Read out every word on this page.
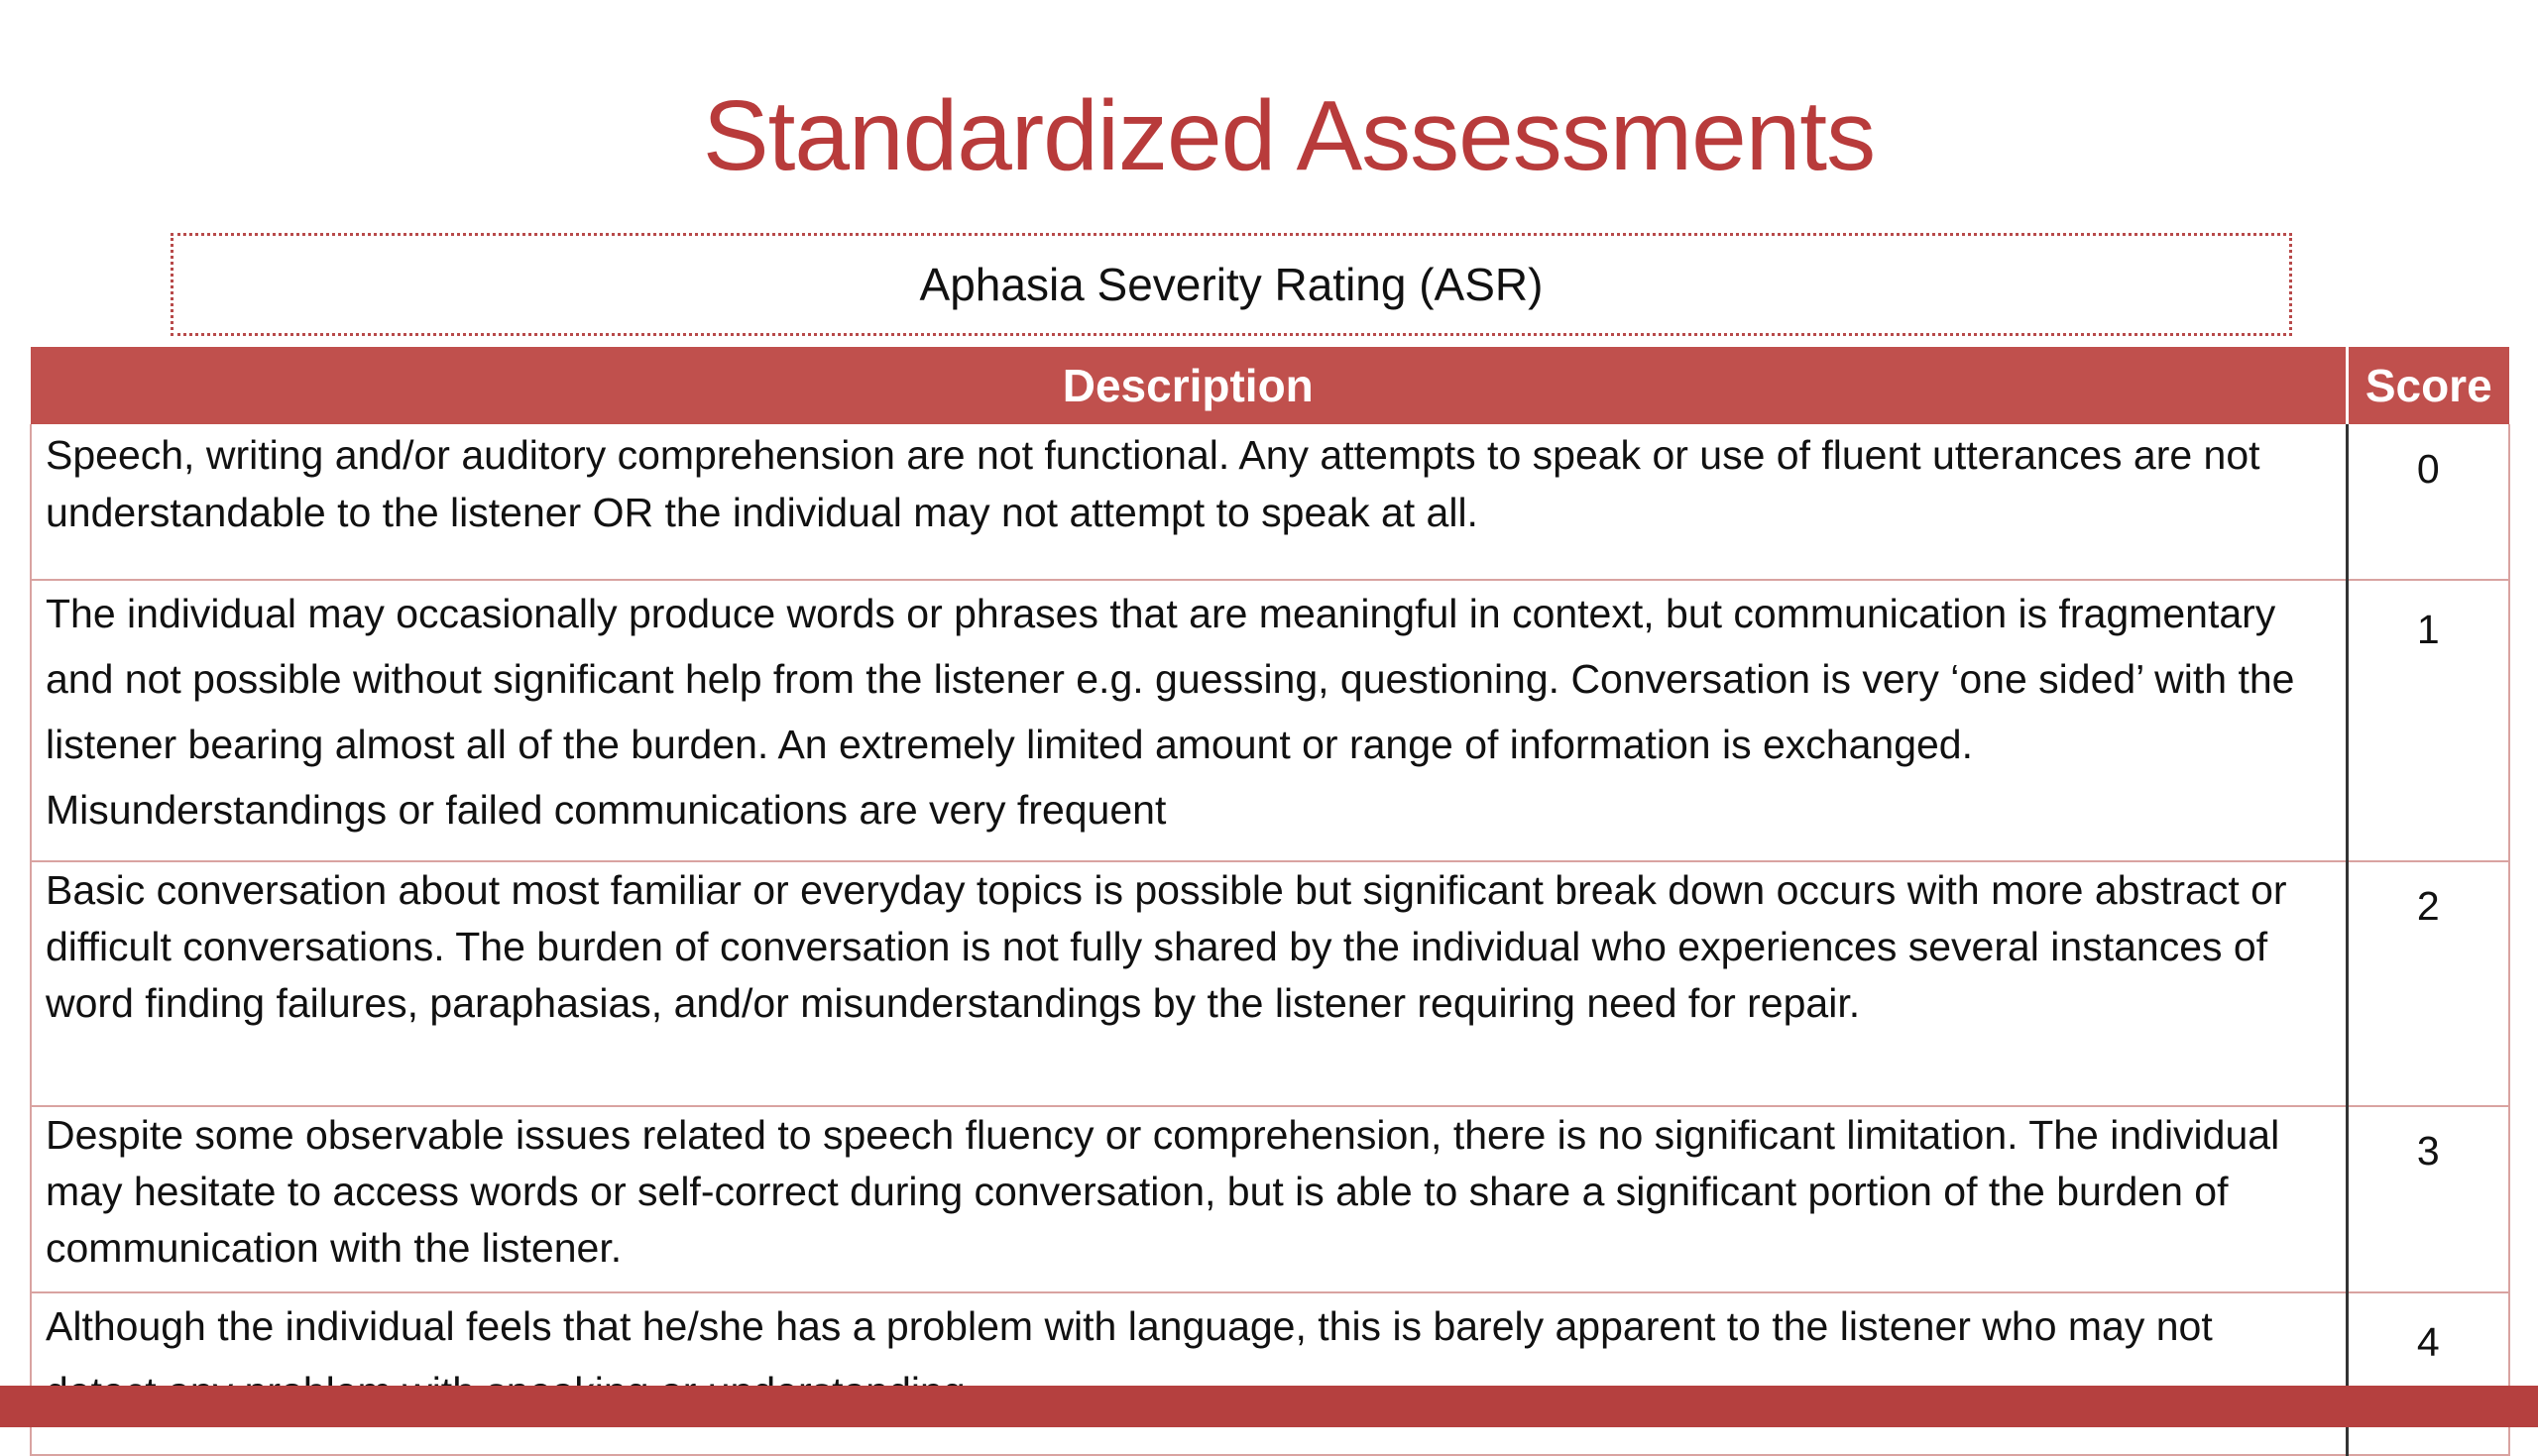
Standardized Assessments
Aphasia Severity Rating (ASR)
Description	Score
Speech, writing and/or auditory comprehension are not functional. Any attempts to speak or use of fluent utterances are not understandable to the listener OR the individual may not attempt to speak at all.	0
The individual may occasionally produce words or phrases that are meaningful in context, but communication is fragmentary and not possible without significant help from the listener e.g. guessing, questioning. Conversation is very ‘one sided’ with the listener bearing almost all of the burden. An extremely limited amount or range of information is exchanged. Misunderstandings or failed communications are very frequent	1
Basic conversation about most familiar or everyday topics is possible but significant break down occurs with more abstract or difficult conversations. The burden of conversation is not fully shared by the individual who experiences several instances of word finding failures, paraphasias, and/or misunderstandings by the listener requiring need for repair.	2
Despite some observable issues related to speech fluency or comprehension, there is no significant limitation. The individual may hesitate to access words or self-correct during conversation, but is able to share a significant portion of the burden of communication with the listener.	3
Although the individual feels that he/she has a problem with language, this is barely apparent to the listener who may not	4
